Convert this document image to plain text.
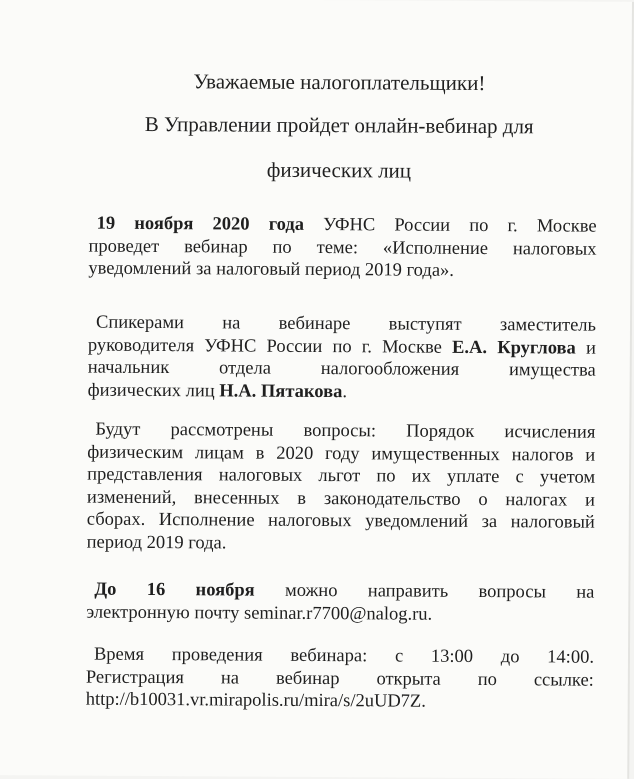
Уважаемые налогоплательщики!
В Управлении пройдет онлайн-вебинар для
физических лиц
19 ноября 2020 года УФНС России по г. Москве
проведет вебинар по теме: «Исполнение налоговых
уведомлений за налоговый период 2019 года».
Спикерами на вебинаре выступят заместитель
руководителя УФНС России по г. Москве Е.А. Круглова и
начальник отдела налогообложения имущества
физических лиц Н.А. Пятакова.
Будут рассмотрены вопросы: Порядок исчисления
физическим лицам в 2020 году имущественных налогов и
представления налоговых льгот по их уплате с учетом
изменений, внесенных в законодательство о налогах и
сборах. Исполнение налоговых уведомлений за налоговый
период 2019 года.
До 16 ноября можно направить вопросы на
электронную почту seminar.r7700@nalog.ru.
Время проведения вебинара: с 13:00 до 14:00.
Регистрация на вебинар открыта по ссылке:
http://b10031.vr.mirapolis.ru/mira/s/2uUD7Z.
